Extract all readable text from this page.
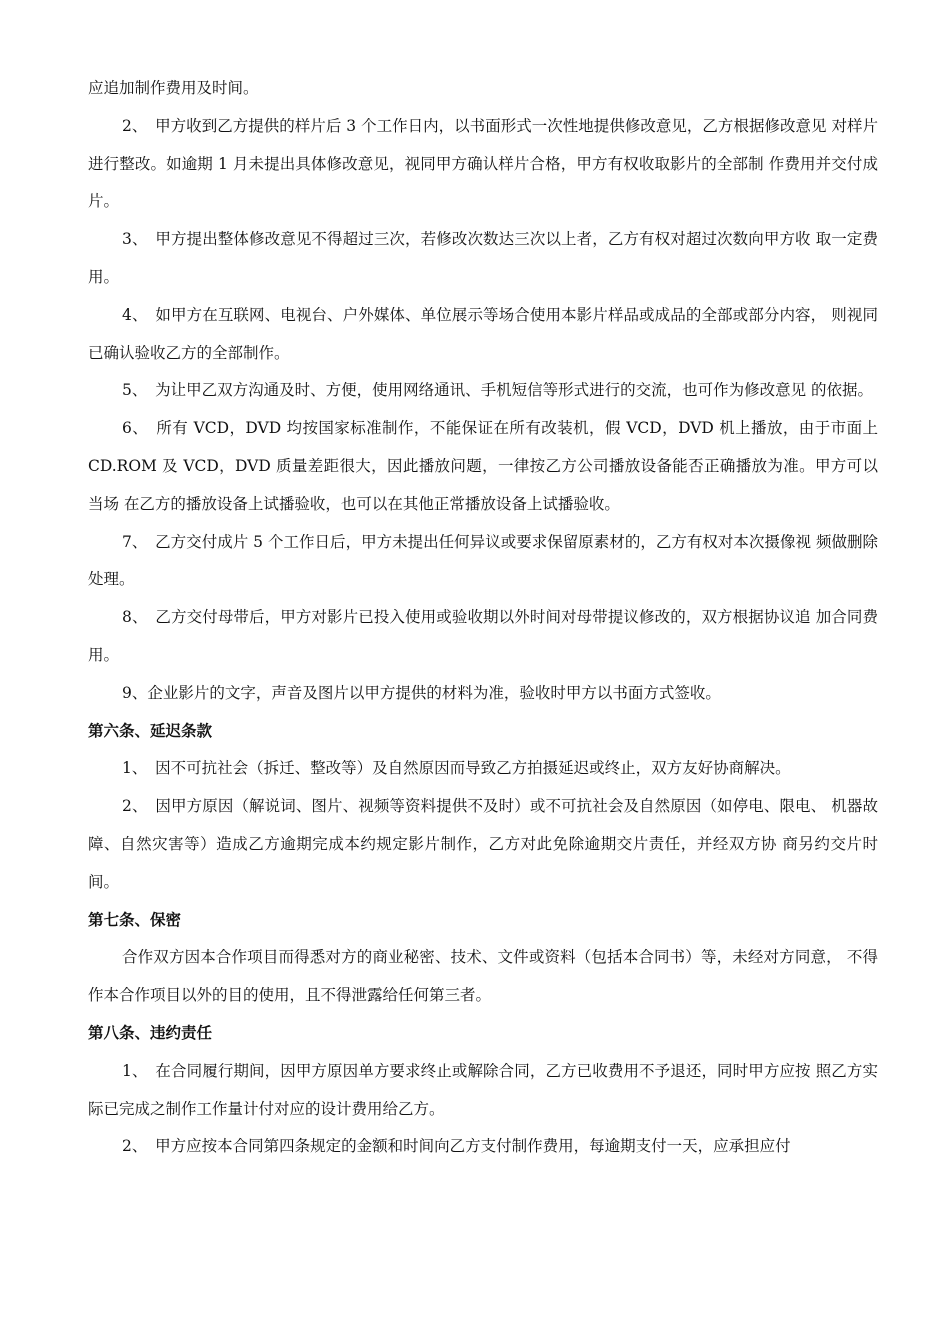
应追加制作费用及时间。

2、　甲方收到乙方提供的样片后 3 个工作日内，以书面形式一次性地提供修改意见，乙方根据修改意见 对样片进行整改。如逾期 1 月未提出具体修改意见，视同甲方确认样片合格，甲方有权收取影片的全部制 作费用并交付成片。

3、　甲方提出整体修改意见不得超过三次，若修改次数达三次以上者，乙方有权对超过次数向甲方收 取一定费用。

4、　如甲方在互联网、电视台、户外媒体、单位展示等场合使用本影片样品或成品的全部或部分内容， 则视同已确认验收乙方的全部制作。

5、　为让甲乙双方沟通及时、方便，使用网络通讯、手机短信等形式进行的交流，也可作为修改意见 的依据。

6、　所有 VCD，DVD 均按国家标准制作，不能保证在所有改装机，假 VCD，DVD 机上播放，由于市面上 CD.ROM 及 VCD，DVD 质量差距很大，因此播放问题，一律按乙方公司播放设备能否正确播放为准。甲方可以当场 在乙方的播放设备上试播验收，也可以在其他正常播放设备上试播验收。

7、　乙方交付成片 5 个工作日后，甲方未提出任何异议或要求保留原素材的，乙方有权对本次摄像视 频做删除处理。

8、　乙方交付母带后，甲方对影片已投入使用或验收期以外时间对母带提议修改的，双方根据协议追 加合同费用。

9、企业影片的文字，声音及图片以甲方提供的材料为准，验收时甲方以书面方式签收。

第六条、延迟条款

1、　因不可抗社会（拆迁、整改等）及自然原因而导致乙方拍摄延迟或终止，双方友好协商解决。

2、　因甲方原因（解说词、图片、视频等资料提供不及时）或不可抗社会及自然原因（如停电、限电、 机器故障、自然灾害等）造成乙方逾期完成本约规定影片制作，乙方对此免除逾期交片责任，并经双方协 商另约交片时间。

第七条、保密

合作双方因本合作项目而得悉对方的商业秘密、技术、文件或资料（包括本合同书）等，未经对方同意， 不得作本合作项目以外的目的使用，且不得泄露给任何第三者。

第八条、违约责任

1、　在合同履行期间，因甲方原因单方要求终止或解除合同，乙方已收费用不予退还，同时甲方应按 照乙方实际已完成之制作工作量计付对应的设计费用给乙方。

2、　甲方应按本合同第四条规定的金额和时间向乙方支付制作费用，每逾期支付一天，应承担应付
